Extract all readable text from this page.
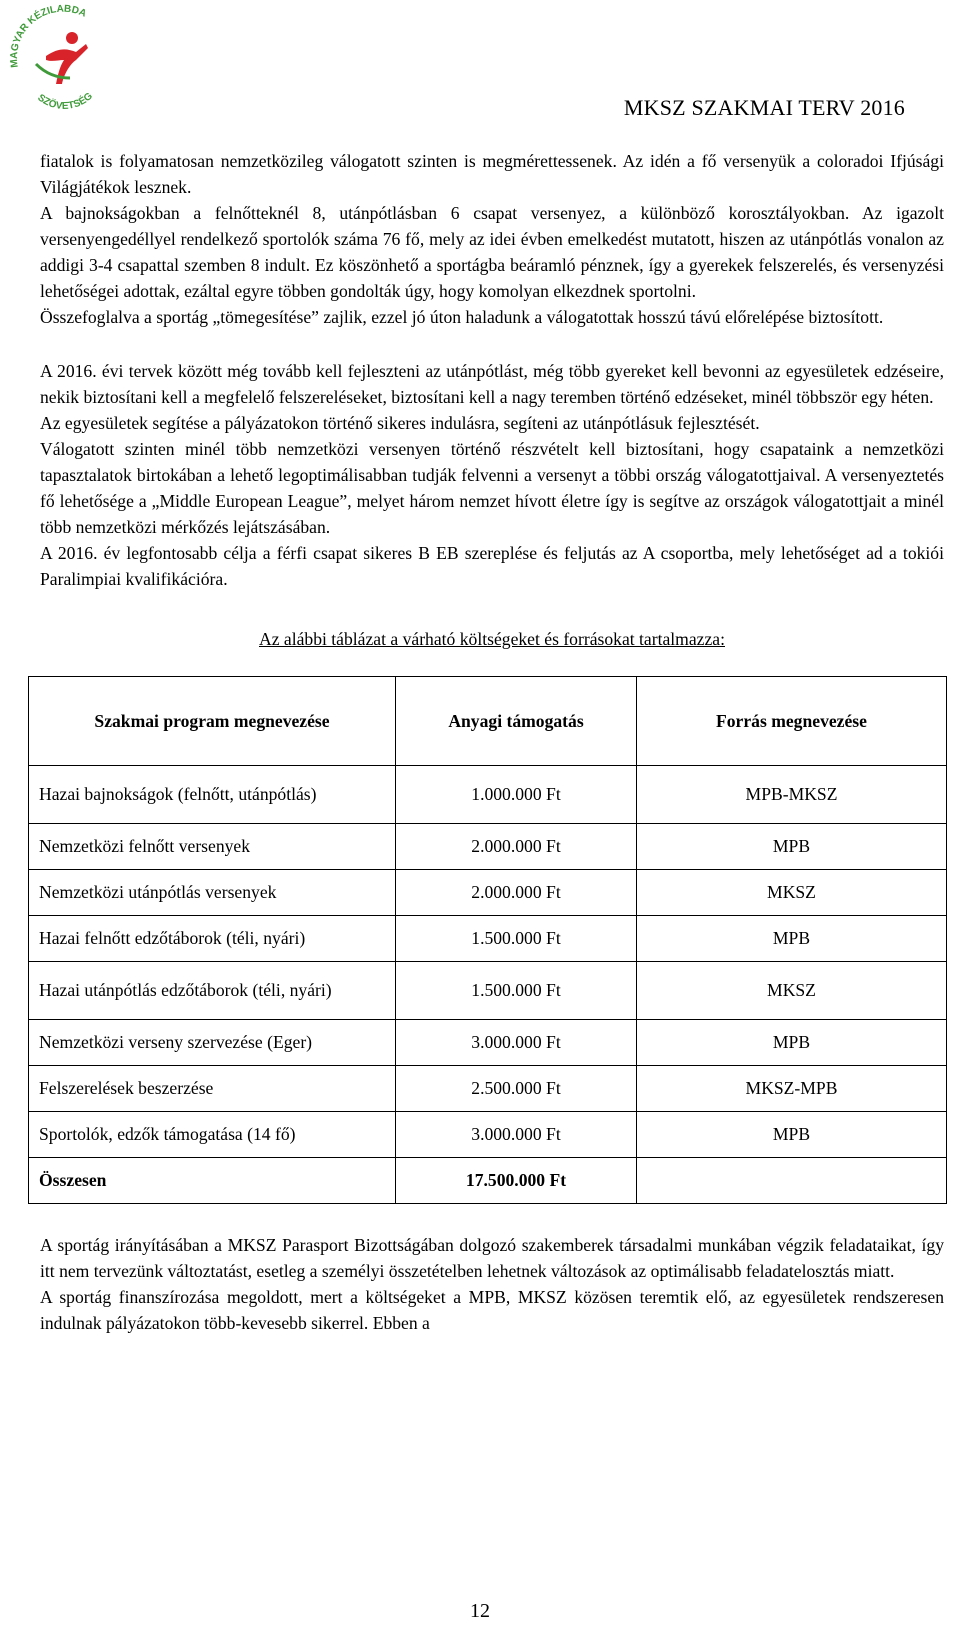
MAGYAR KÉZILABDA
SZÖVETSÉG	MKSZ SZAKMAI TERV 2016

fiatalok is folyamatosan nemzetközileg válogatott szinten is megmérettessenek. Az idén a fő versenyük a coloradoi Ifjúsági Világjátékok lesznek.

A bajnokságokban a felnőtteknél 8, utánpótlásban 6 csapat versenyez, a különböző korosztályokban. Az igazolt versenyengedéllyel rendelkező sportolók száma 76 fő, mely az idei évben emelkedést mutatott, hiszen az utánpótlás vonalon az addigi 3-4 csapattal szemben 8 indult. Ez köszönhető a sportágba beáramló pénznek, így a gyerekek felszerelés, és versenyzési lehetőségei adottak, ezáltal egyre többen gondolták úgy, hogy komolyan elkezdnek sportolni.

Összefoglalva a sportág „tömegesítése” zajlik, ezzel jó úton haladunk a válogatottak hosszú távú előrelépése biztosított.

A 2016. évi tervek között még tovább kell fejleszteni az utánpótlást, még több gyereket kell bevonni az egyesületek edzéseire, nekik biztosítani kell a megfelelő felszereléseket, biztosítani kell a nagy teremben történő edzéseket, minél többször egy héten.

Az egyesületek segítése a pályázatokon történő sikeres indulásra, segíteni az utánpótlásuk fejlesztését.

Válogatott szinten minél több nemzetközi versenyen történő részvételt kell biztosítani, hogy csapataink a nemzetközi tapasztalatok birtokában a lehető legoptimálisabban tudják felvenni a versenyt a többi ország válogatottjaival. A versenyeztetés fő lehetősége a „Middle European League”, melyet három nemzet hívott életre így is segítve az országok válogatottjait a minél több nemzetközi mérkőzés lejátszásában.

A 2016. év legfontosabb célja a férfi csapat sikeres B EB szereplése és feljutás az A csoportba, mely lehetőséget ad a tokiói Paralimpiai kvalifikációra.

Az alábbi táblázat a várható költségeket és forrásokat tartalmazza:
Szakmai program megnevezése	Anyagi támogatás	Forrás megnevezése
Hazai bajnokságok (felnőtt, utánpótlás)	1.000.000 Ft	MPB-MKSZ
Nemzetközi felnőtt versenyek	2.000.000 Ft	MPB
Nemzetközi utánpótlás versenyek	2.000.000 Ft	MKSZ
Hazai felnőtt edzőtáborok (téli, nyári)	1.500.000 Ft	MPB
Hazai utánpótlás edzőtáborok (téli, nyári)	1.500.000 Ft	MKSZ
Nemzetközi verseny szervezése (Eger)	3.000.000 Ft	MPB
Felszerelések beszerzése	2.500.000 Ft	MKSZ-MPB
Sportolók, edzők támogatása (14 fő)	3.000.000 Ft	MPB
Összesen	17.500.000 Ft	

A sportág irányításában a MKSZ Parasport Bizottságában dolgozó szakemberek társadalmi munkában végzik feladataikat, így itt nem tervezünk változtatást, esetleg a személyi összetételben lehetnek változások az optimálisabb feladatelosztás miatt.

A sportág finanszírozása megoldott, mert a költségeket a MPB, MKSZ közösen teremtik elő, az egyesületek rendszeresen indulnak pályázatokon több-kevesebb sikerrel. Ebben a

12
